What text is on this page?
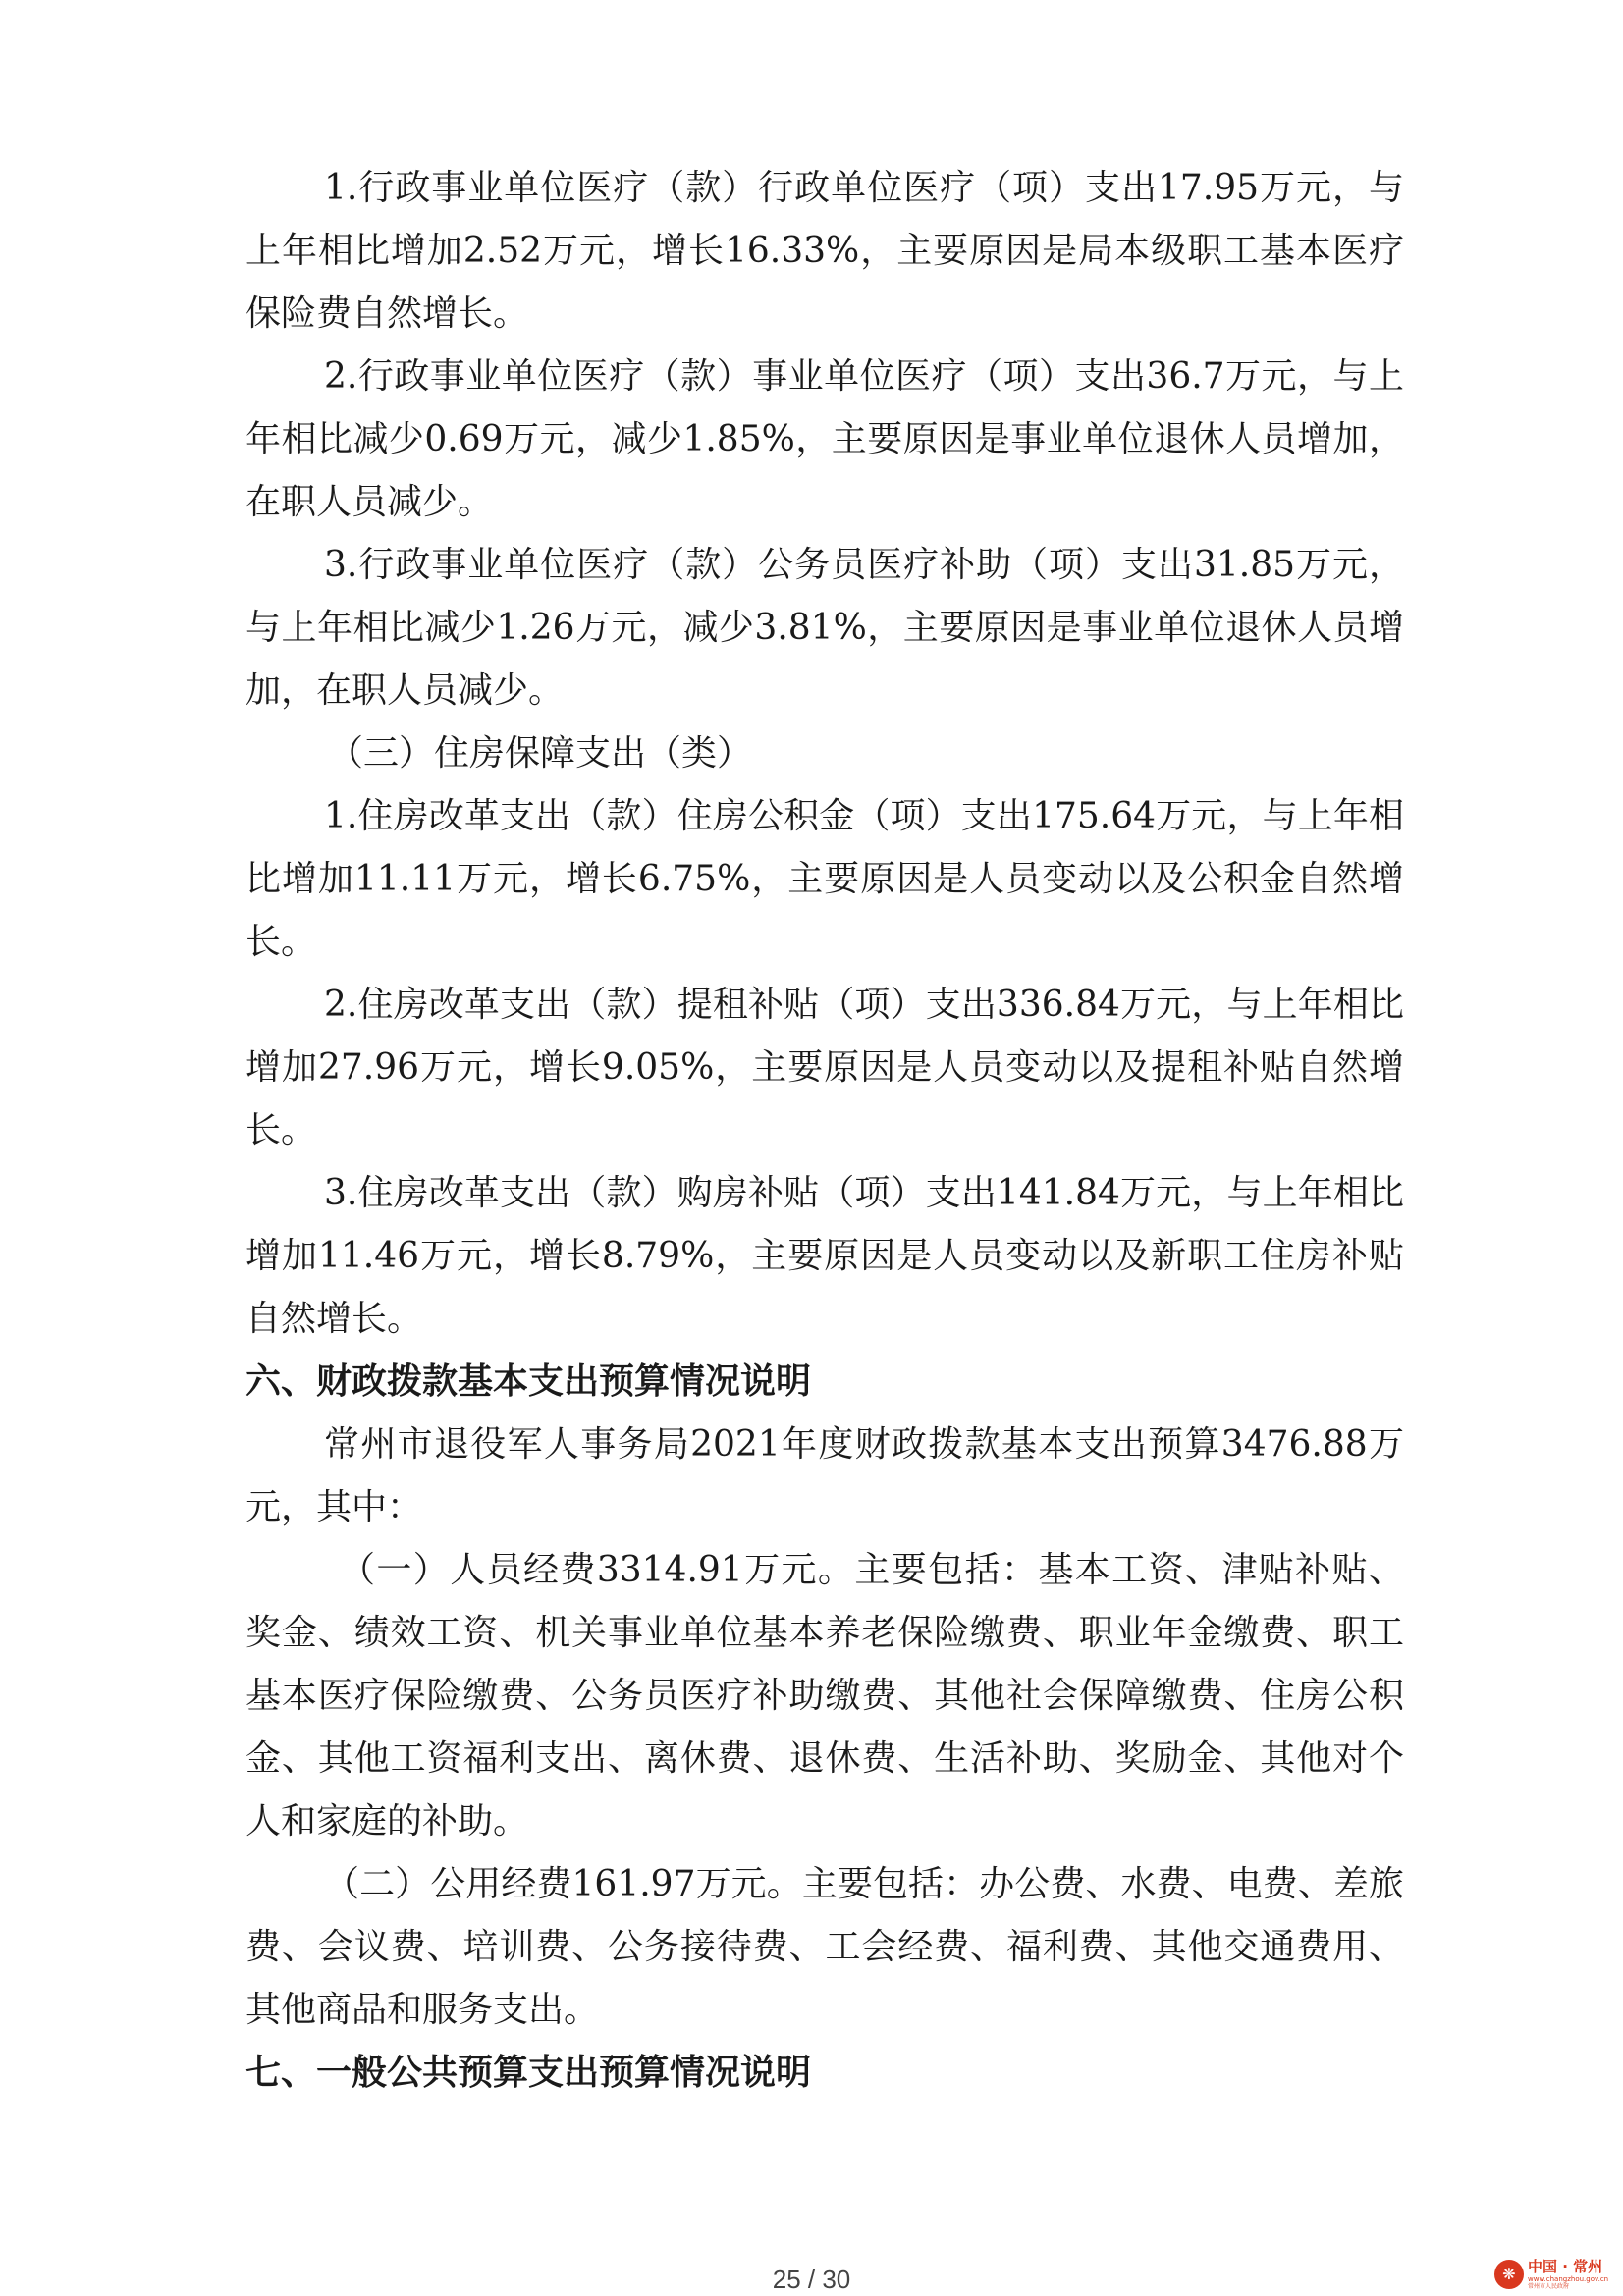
1.行政事业单位医疗（款）行政单位医疗（项）支出17.95万元，与上年相比增加2.52万元，增长16.33%，主要原因是局本级职工基本医疗保险费自然增长。

2.行政事业单位医疗（款）事业单位医疗（项）支出36.7万元，与上年相比减少0.69万元，减少1.85%，主要原因是事业单位退休人员增加，在职人员减少。

3.行政事业单位医疗（款）公务员医疗补助（项）支出31.85万元，与上年相比减少1.26万元，减少3.81%，主要原因是事业单位退休人员增加，在职人员减少。

（三）住房保障支出（类）

1.住房改革支出（款）住房公积金（项）支出175.64万元，与上年相比增加11.11万元，增长6.75%，主要原因是人员变动以及公积金自然增长。

2.住房改革支出（款）提租补贴（项）支出336.84万元，与上年相比增加27.96万元，增长9.05%，主要原因是人员变动以及提租补贴自然增长。

3.住房改革支出（款）购房补贴（项）支出141.84万元，与上年相比增加11.46万元，增长8.79%，主要原因是人员变动以及新职工住房补贴自然增长。

六、财政拨款基本支出预算情况说明

常州市退役军人事务局2021年度财政拨款基本支出预算3476.88万元，其中：

（一）人员经费3314.91万元。主要包括：基本工资、津贴补贴、奖金、绩效工资、机关事业单位基本养老保险缴费、职业年金缴费、职工基本医疗保险缴费、公务员医疗补助缴费、其他社会保障缴费、住房公积金、其他工资福利支出、离休费、退休费、生活补助、奖励金、其他对个人和家庭的补助。

（二）公用经费161.97万元。主要包括：办公费、水费、电费、差旅费、会议费、培训费、公务接待费、工会经费、福利费、其他交通费用、其他商品和服务支出。

七、一般公共预算支出预算情况说明
25 / 30	❋ 中国 · 常州
www.changzhou.gov.cn
常州市人民政府
